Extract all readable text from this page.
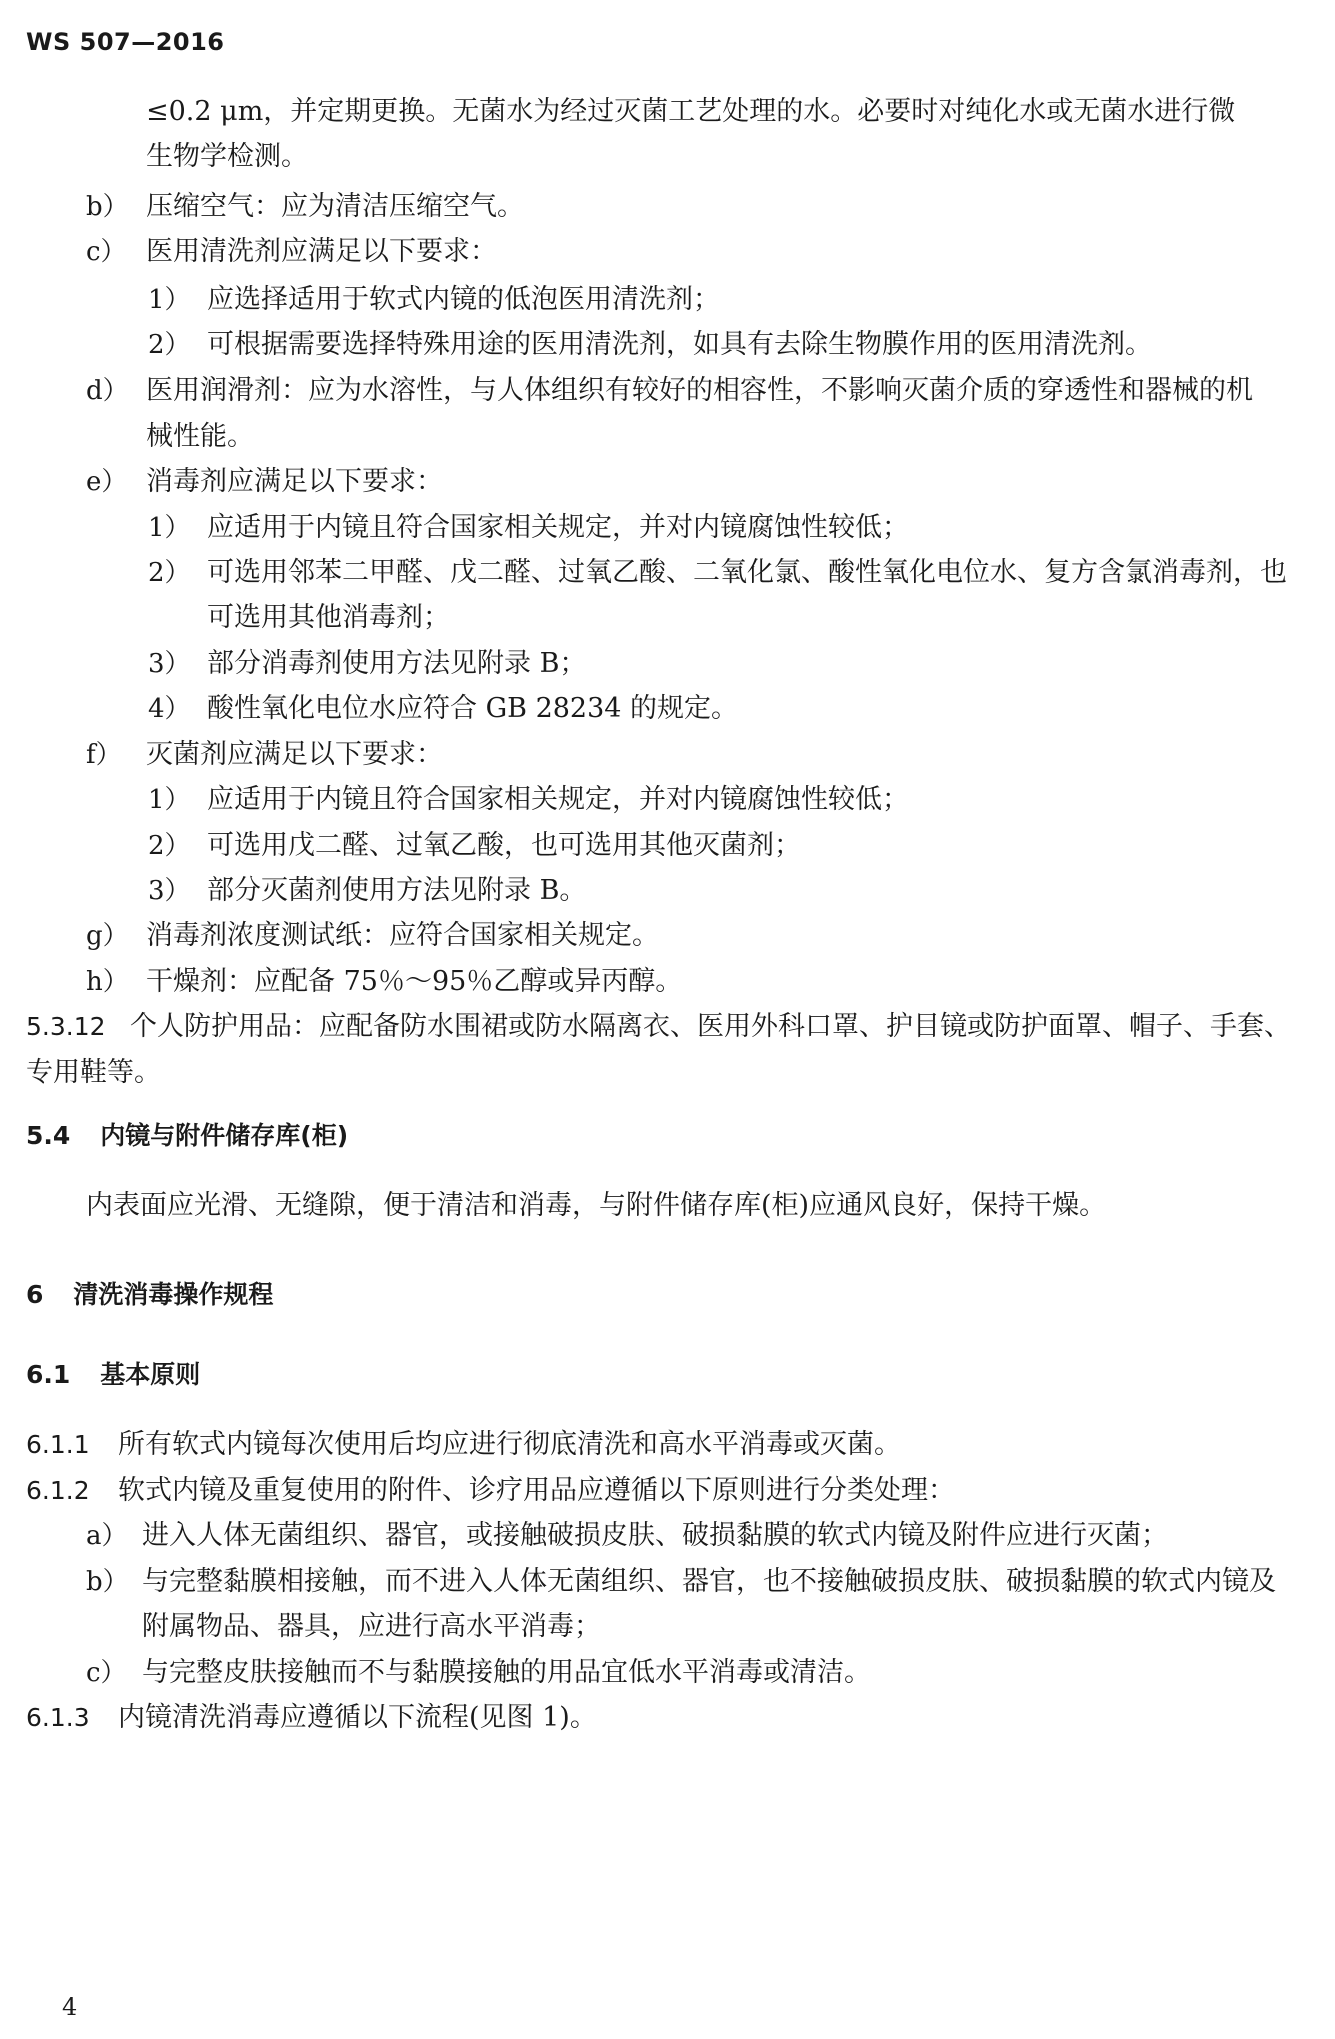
WS 507—2016
≤0.2 μm，并定期更换。无菌水为经过灭菌工艺处理的水。必要时对纯化水或无菌水进行微
生物学检测。
b） 压缩空气：应为清洁压缩空气。
c） 医用清洗剂应满足以下要求：
1） 应选择适用于软式内镜的低泡医用清洗剂；
2） 可根据需要选择特殊用途的医用清洗剂，如具有去除生物膜作用的医用清洗剂。
d） 医用润滑剂：应为水溶性，与人体组织有较好的相容性，不影响灭菌介质的穿透性和器械的机
械性能。
e） 消毒剂应满足以下要求：
1） 应适用于内镜且符合国家相关规定，并对内镜腐蚀性较低；
2） 可选用邻苯二甲醛、戊二醛、过氧乙酸、二氧化氯、酸性氧化电位水、复方含氯消毒剂，也
可选用其他消毒剂；
3） 部分消毒剂使用方法见附录 B；
4） 酸性氧化电位水应符合 GB 28234 的规定。
f） 灭菌剂应满足以下要求：
1） 应适用于内镜且符合国家相关规定，并对内镜腐蚀性较低；
2） 可选用戊二醛、过氧乙酸，也可选用其他灭菌剂；
3） 部分灭菌剂使用方法见附录 B。
g） 消毒剂浓度测试纸：应符合国家相关规定。
h） 干燥剂：应配备 75％～95％乙醇或异丙醇。
5.3.12 个人防护用品：应配备防水围裙或防水隔离衣、医用外科口罩、护目镜或防护面罩、帽子、手套、
专用鞋等。
5.4 内镜与附件储存库(柜)
内表面应光滑、无缝隙，便于清洁和消毒，与附件储存库(柜)应通风良好，保持干燥。
6 清洗消毒操作规程
6.1 基本原则
6.1.1 所有软式内镜每次使用后均应进行彻底清洗和高水平消毒或灭菌。
6.1.2 软式内镜及重复使用的附件、诊疗用品应遵循以下原则进行分类处理：
a） 进入人体无菌组织、器官，或接触破损皮肤、破损黏膜的软式内镜及附件应进行灭菌；
b） 与完整黏膜相接触，而不进入人体无菌组织、器官，也不接触破损皮肤、破损黏膜的软式内镜及
附属物品、器具，应进行高水平消毒；
c） 与完整皮肤接触而不与黏膜接触的用品宜低水平消毒或清洁。
6.1.3 内镜清洗消毒应遵循以下流程(见图 1)。
4
